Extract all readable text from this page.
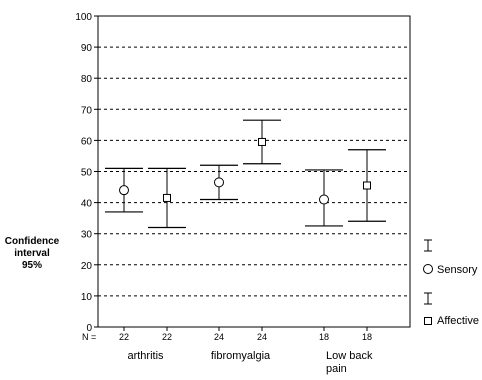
0
10
20
30
40
50
60
70
80
90
100
22	24	18
22	24	18
arthritis	fibromyalgia	Low back
pain
Confidence
interval
95%
N =
Sensory
Affective
